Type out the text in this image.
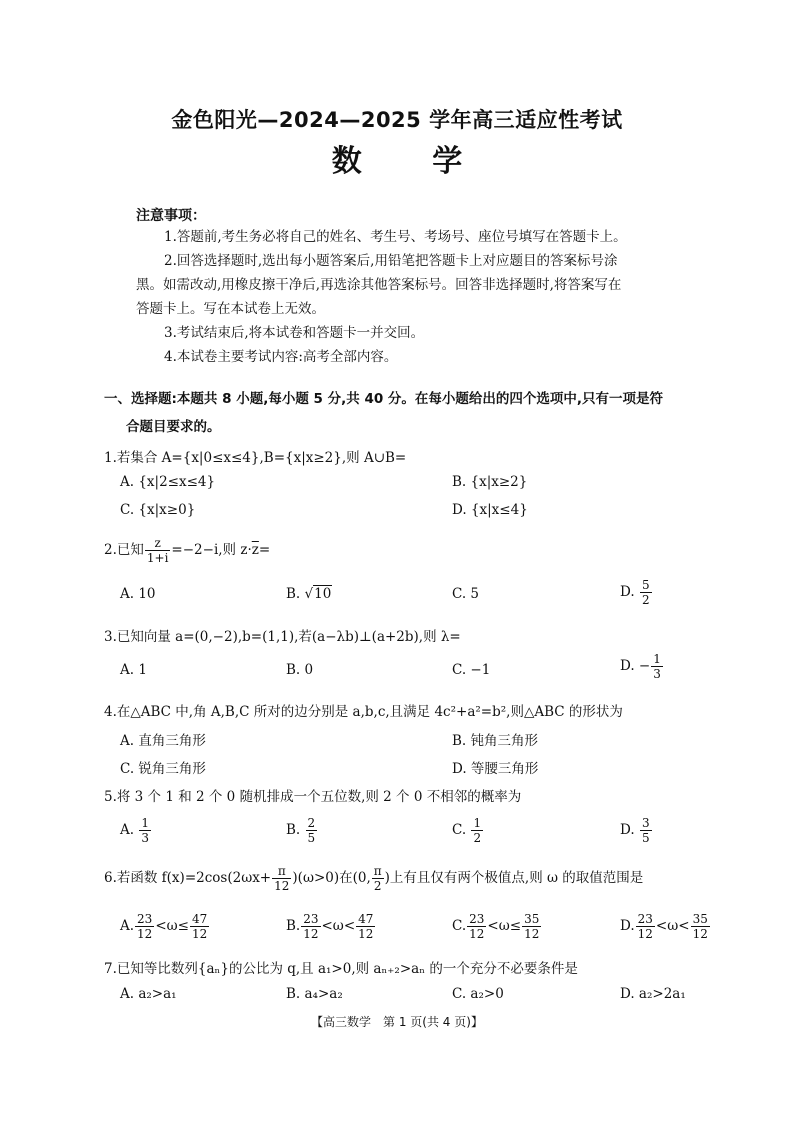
金色阳光—2024—2025 学年高三适应性考试
数 学
注意事项：
1.答题前,考生务必将自己的姓名、考生号、考场号、座位号填写在答题卡上。
2.回答选择题时,选出每小题答案后,用铅笔把答题卡上对应题目的答案标号涂
黑。如需改动,用橡皮擦干净后,再选涂其他答案标号。回答非选择题时,将答案写在
答题卡上。写在本试卷上无效。
3.考试结束后,将本试卷和答题卡一并交回。
4.本试卷主要考试内容:高考全部内容。
一、选择题:本题共 8 小题,每小题 5 分,共 40 分。在每小题给出的四个选项中,只有一项是符
合题目要求的。
1.若集合 A={x|0≤x≤4},B={x|x≥2},则 A∪B=
A. {x|2≤x≤4}	B. {x|x≥2}
C. {x|x≥0}	D. {x|x≤4}
2.已知 $\frac{z}{1+i} =-2-i$,则 $z\cdot\overline{z}=$
A. 10	B. √10	C. 5	D. $\frac{5}{2}$
3.已知向量 a=(0,−2),b=(1,1),若(a−λb)⊥(a+2b),则 λ=
A. 1	B. 0	C. −1	D. − $\frac{1}{3}$
4.在△ABC 中,角 A,B,C 所对的边分别是 a,b,c,且满足 4c²+a²=b²,则△ABC 的形状为
A. 直角三角形	B. 钝角三角形
C. 锐角三角形	D. 等腰三角形
5.将 3 个 1 和 2 个 0 随机排成一个五位数,则 2 个 0 不相邻的概率为
A. $\frac{1}{3}$	B. $\frac{2}{5}$	C. $\frac{1}{2}$	D. $\frac{3}{5}$
6.若函数 $f(x)=2\cos(2\omega x+ \frac{\pi}{12} )(\omega>0)$在(0, $\frac{\pi}{2}$ )上有且仅有两个极值点,则 ω 的取值范围是
A. $\frac{23}{12} <\omega\le \frac{47}{12}$	B. $\frac{23}{12} <\omega< \frac{47}{12}$	C. $\frac{23}{12} <\omega\le \frac{35}{12}$	D. $\frac{23}{12} <\omega< \frac{35}{12}$
7.已知等比数列{aₙ}的公比为 q,且 a₁>0,则 aₙ₊₂>aₙ 的一个充分不必要条件是
A. a₂>a₁	B. a₄>a₂	C. a₂>0	D. a₂>2a₁
【高三数学　第 1 页(共 4 页)】
